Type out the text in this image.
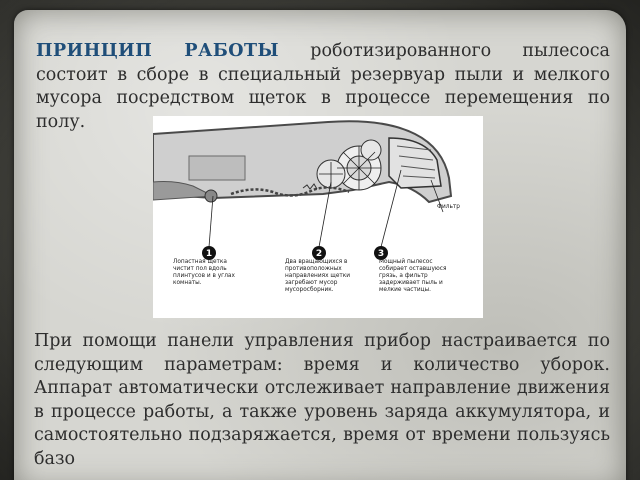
ПРИНЦИП РАБОТЫ роботизированного пылесоса состоит в сборе в специальный резервуар пыли и мелкого мусора посредством щеток в процессе перемещения по полу.

1	2	3

Фильтр

Лопастная щетка чистит пол вдоль плинтусов и в углах комнаты.

Два вращающихся в противоположных направлениях щетки загребают мусор мусоросборник.

Мощный пылесос собирает оставшуюся грязь, а фильтр задерживает пыль и мелкие частицы.

При помощи панели управления прибор настраивается по следующим параметрам: время и количество уборок. Аппарат автоматически отслеживает направление движения в процессе работы, а также уровень заряда аккумулятора, и самостоятельно подзаряжается, время от времени пользуясь базо
